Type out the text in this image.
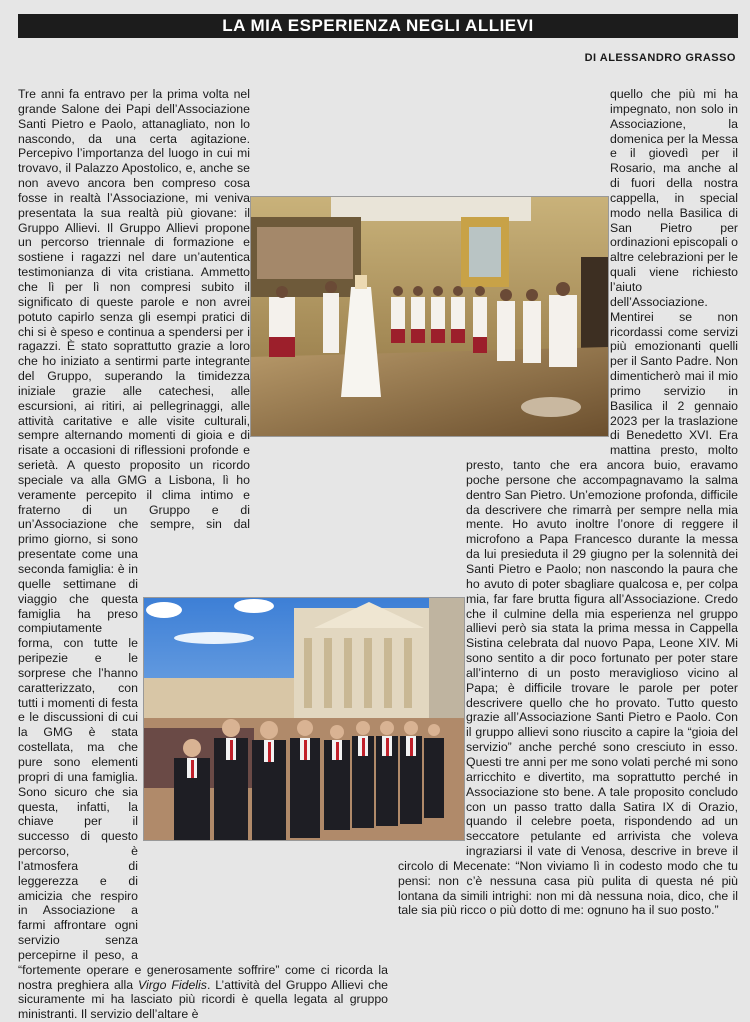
LA MIA ESPERIENZA NEGLI ALLIEVI
DI ALESSANDRO GRASSO
Tre anni fa entravo per la prima volta nel grande Salone dei Papi dell’Associazione Santi Pietro e Paolo, attanagliato, non lo nascondo, da una certa agitazione. Percepivo l’importanza del luogo in cui mi trovavo, il Palazzo Apostolico, e, anche se non avevo ancora ben compreso cosa fosse in realtà l’Associazione, mi veniva presentata la sua realtà più giovane: il Gruppo Allievi. Il Gruppo Allievi propone un percorso triennale di formazione e sostiene i ragazzi nel dare un’autentica testimonianza di vita cristiana. Ammetto che lì per lì non compresi subito il significato di queste parole e non avrei potuto capirlo senza gli esempi pratici di chi si è speso e continua a spendersi per i ragazzi. È stato soprattutto grazie a loro che ho iniziato a sentirmi parte integrante del Gruppo, superando la timidezza iniziale grazie alle catechesi, alle escursioni, ai ritiri, ai pellegrinaggi, alle attività caritative e alle visite culturali, sempre alternando momenti di gioia e di risate a occasioni di riflessioni profonde e serietà. A questo proposito un ricordo speciale va alla GMG a Lisbona, lì ho veramente percepito il clima intimo e fraterno di un Gruppo e di un’Associazione che sempre, sin dal primo giorno, si sono presentate come una seconda famiglia: è in quelle settimane di viaggio che questa famiglia ha preso compiutamente forma, con tutte le peripezie e le sorprese che l’hanno caratterizzato, con tutti i momenti di festa e le discussioni di cui la GMG è stata costellata, ma che pure sono elementi propri di una famiglia. Sono sicuro che sia questa, infatti, la chiave per il successo di questo percorso, è l’atmosfera di leggerezza e di amicizia che respiro in Associazione a farmi affrontare ogni servizio senza percepirne il peso, a “fortemente operare e generosamente soffrire” come ci ricorda la nostra preghiera alla Virgo Fidelis. L’attività del Gruppo Allievi che sicuramente mi ha lasciato più ricordi è quella legata al gruppo ministranti. Il servizio dell’altare è
quello che più mi ha impegnato, non solo in Associazione, la domenica per la Messa e il giovedì per il Rosario, ma anche al di fuori della nostra cappella, in special modo nella Basilica di San Pietro per ordinazioni episcopali o altre celebrazioni per le quali viene richiesto l’aiuto dell’Associazione. Mentirei se non ricordassi come servizi più emozionanti quelli per il Santo Padre. Non dimenticherò mai il mio primo servizio in Basilica il 2 gennaio 2023 per la traslazione di Benedetto XVI. Era mattina presto, molto presto, tanto che era ancora buio, eravamo poche persone che accompagnavamo la salma dentro San Pietro. Un’emozione profonda, difficile da descrivere che rimarrà per sempre nella mia mente. Ho avuto inoltre l’onore di reggere il microfono a Papa Francesco durante la messa da lui presieduta il 29 giugno per la solennità dei Santi Pietro e Paolo; non nascondo la paura che ho avuto di poter sbagliare qualcosa e, per colpa mia, far fare brutta figura all’Associazione. Credo che il culmine della mia esperienza nel gruppo allievi però sia stata la prima messa in Cappella Sistina celebrata dal nuovo Papa, Leone XIV. Mi sono sentito a dir poco fortunato per poter stare all’interno di un posto meraviglioso vicino al Papa; è difficile trovare le parole per poter descrivere quello che ho provato. Tutto questo grazie all’Associazione Santi Pietro e Paolo. Con il gruppo allievi sono riuscito a capire la “gioia del servizio” anche perché sono cresciuto in esso. Questi tre anni per me sono volati perché mi sono arricchito e divertito, ma soprattutto perché in Associazione sto bene. A tale proposito concludo con un passo tratto dalla Satira IX di Orazio, quando il celebre poeta, rispondendo ad un seccatore petulante ed arrivista che voleva ingraziarsi il vate di Venosa, descrive in breve il circolo di Mecenate: “Non viviamo lì in codesto modo che tu pensi: non c’è nessuna casa più pulita di questa né più lontana da simili intrighi: non mi dà nessuna noia, dico, che il tale sia più ricco o più dotto di me: ognuno ha il suo posto.”
